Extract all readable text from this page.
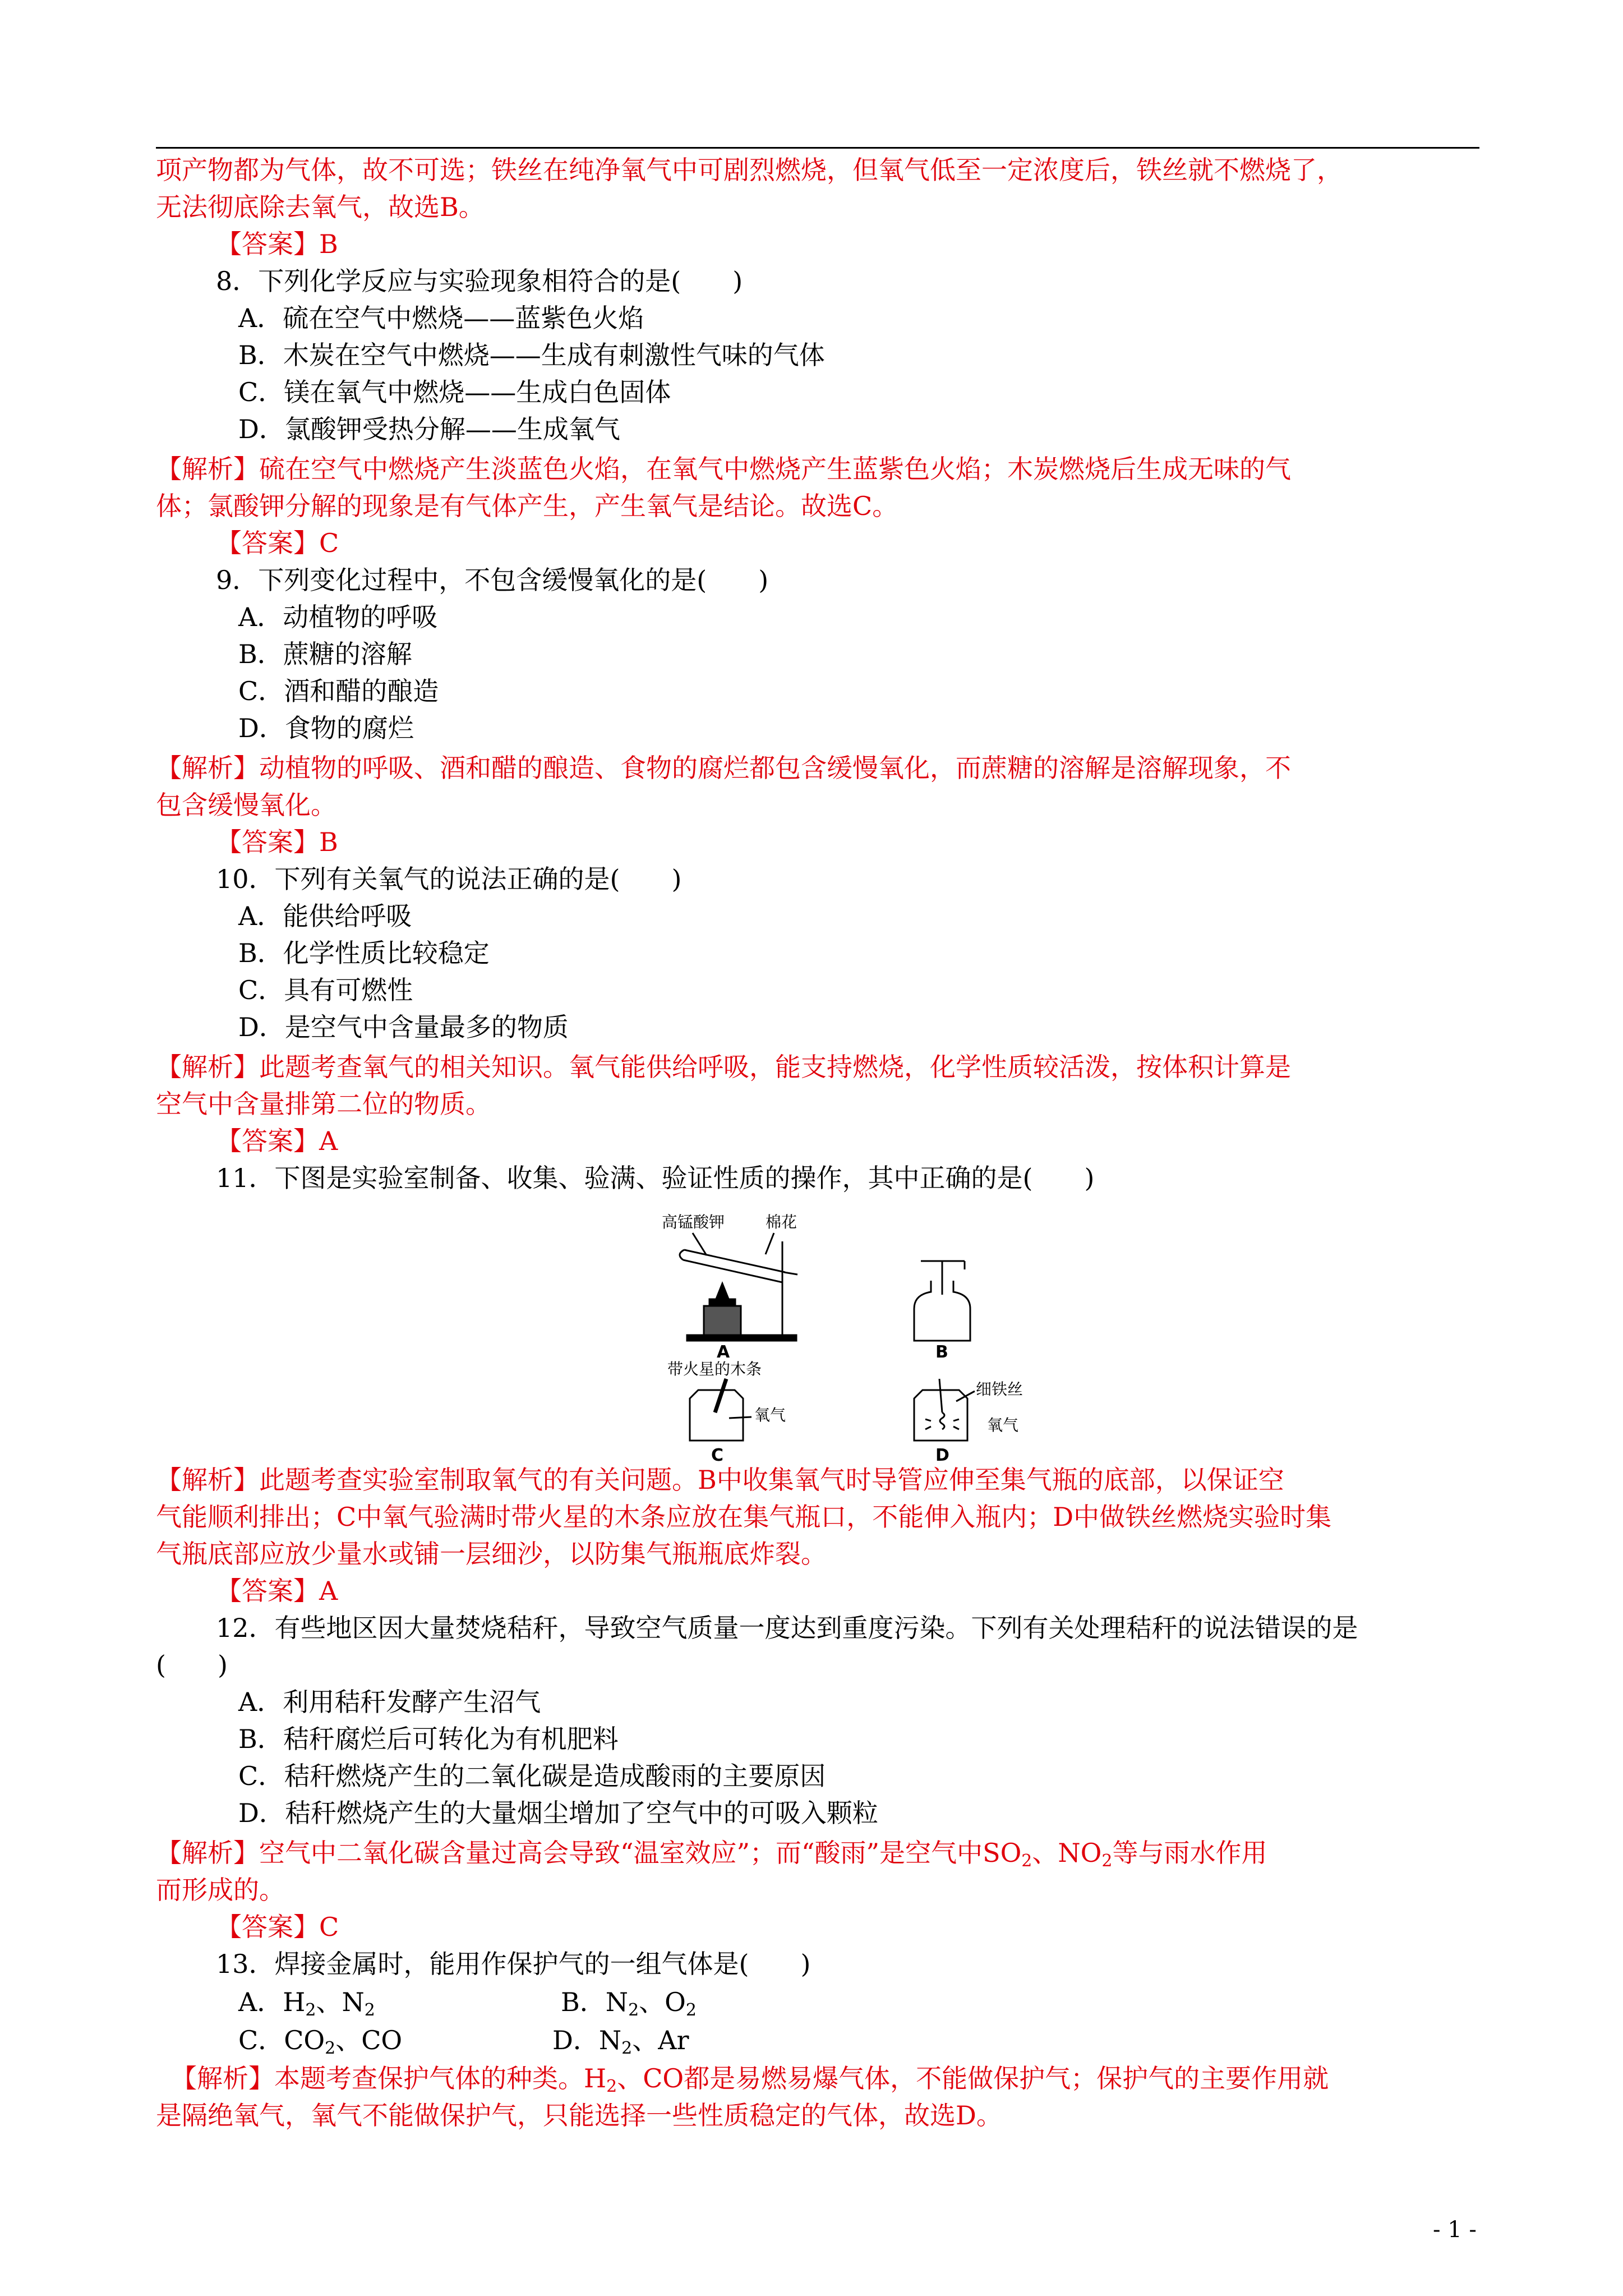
项产物都为气体，故不可选；铁丝在纯净氧气中可剧烈燃烧，但氧气低至一定浓度后，铁丝就不燃烧了，
无法彻底除去氧气，故选B。
【答案】B
8．下列化学反应与实验现象相符合的是(　　)
A．硫在空气中燃烧——蓝紫色火焰
B．木炭在空气中燃烧——生成有刺激性气味的气体
C．镁在氧气中燃烧——生成白色固体
D．氯酸钾受热分解——生成氧气
【解析】硫在空气中燃烧产生淡蓝色火焰，在氧气中燃烧产生蓝紫色火焰；木炭燃烧后生成无味的气
体；氯酸钾分解的现象是有气体产生，产生氧气是结论。故选C。
【答案】C
9．下列变化过程中，不包含缓慢氧化的是(　　)
A．动植物的呼吸
B．蔗糖的溶解
C．酒和醋的酿造
D．食物的腐烂
【解析】动植物的呼吸、酒和醋的酿造、食物的腐烂都包含缓慢氧化，而蔗糖的溶解是溶解现象，不
包含缓慢氧化。
【答案】B
10．下列有关氧气的说法正确的是(　　)
A．能供给呼吸
B．化学性质比较稳定
C．具有可燃性
D．是空气中含量最多的物质
【解析】此题考查氧气的相关知识。氧气能供给呼吸，能支持燃烧，化学性质较活泼，按体积计算是
空气中含量排第二位的物质。
【答案】A
11．下图是实验室制备、收集、验满、验证性质的操作，其中正确的是(　　)
高锰酸钾	棉花
A	B
带火星的木条
氧气
C
细铁丝
氧气
D
【解析】此题考查实验室制取氧气的有关问题。B中收集氧气时导管应伸至集气瓶的底部，以保证空
气能顺利排出；C中氧气验满时带火星的木条应放在集气瓶口，不能伸入瓶内；D中做铁丝燃烧实验时集
气瓶底部应放少量水或铺一层细沙，以防集气瓶瓶底炸裂。
【答案】A
12．有些地区因大量焚烧秸秆，导致空气质量一度达到重度污染。下列有关处理秸秆的说法错误的是
(　　)
A．利用秸秆发酵产生沼气
B．秸秆腐烂后可转化为有机肥料
C．秸秆燃烧产生的二氧化碳是造成酸雨的主要原因
D．秸秆燃烧产生的大量烟尘增加了空气中的可吸入颗粒
【解析】空气中二氧化碳含量过高会导致“温室效应”；而“酸雨”是空气中$SO_2$、$NO_2$等与雨水作用
而形成的。
【答案】C
13．焊接金属时，能用作保护气的一组气体是(　　)
A．$H_2$、$N_2$	B．$N_2$、$O_2$
C．$CO_2$、CO	D．$N_2$、Ar
【解析】本题考查保护气体的种类。$H_2$、CO都是易燃易爆气体，不能做保护气；保护气的主要作用就
是隔绝氧气，氧气不能做保护气，只能选择一些性质稳定的气体，故选D。
- 1 -
